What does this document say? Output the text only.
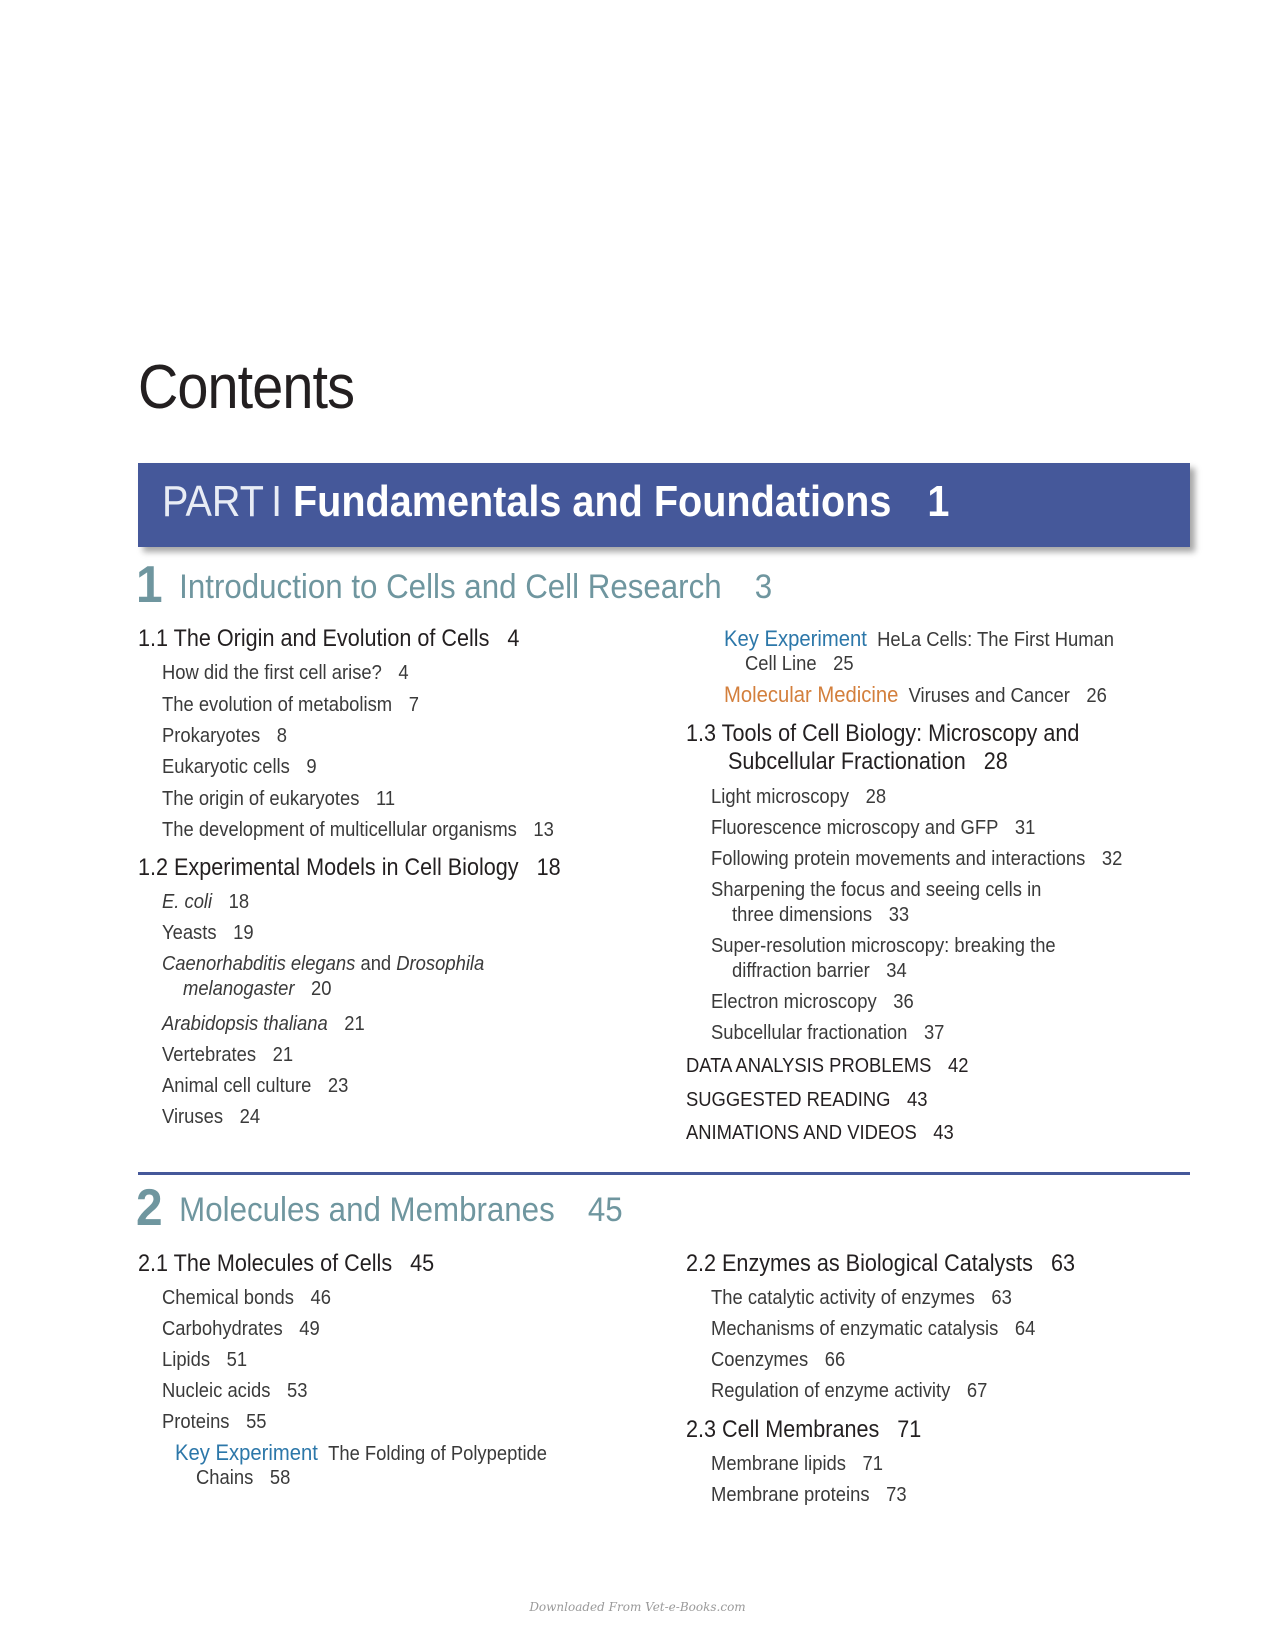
Contents
PART I Fundamentals and Foundations 1
1 Introduction to Cells and Cell Research 3
1.1 The Origin and Evolution of Cells 4
How did the first cell arise? 4
The evolution of metabolism 7
Prokaryotes 8
Eukaryotic cells 9
The origin of eukaryotes 11
The development of multicellular organisms 13
1.2 Experimental Models in Cell Biology 18
E. coli 18
Yeasts 19
Caenorhabditis elegans and Drosophila
melanogaster 20
Arabidopsis thaliana 21
Vertebrates 21
Animal cell culture 23
Viruses 24
Key Experiment HeLa Cells: The First Human
Cell Line 25
Molecular Medicine Viruses and Cancer 26
1.3 Tools of Cell Biology: Microscopy and
Subcellular Fractionation 28
Light microscopy 28
Fluorescence microscopy and GFP 31
Following protein movements and interactions 32
Sharpening the focus and seeing cells in
three dimensions 33
Super-resolution microscopy: breaking the
diffraction barrier 34
Electron microscopy 36
Subcellular fractionation 37
DATA ANALYSIS PROBLEMS 42
SUGGESTED READING 43
ANIMATIONS AND VIDEOS 43
2 Molecules and Membranes 45
2.1 The Molecules of Cells 45
Chemical bonds 46
Carbohydrates 49
Lipids 51
Nucleic acids 53
Proteins 55
Key Experiment The Folding of Polypeptide
Chains 58
2.2 Enzymes as Biological Catalysts 63
The catalytic activity of enzymes 63
Mechanisms of enzymatic catalysis 64
Coenzymes 66
Regulation of enzyme activity 67
2.3 Cell Membranes 71
Membrane lipids 71
Membrane proteins 73
Downloaded From Vet-e-Books.com
